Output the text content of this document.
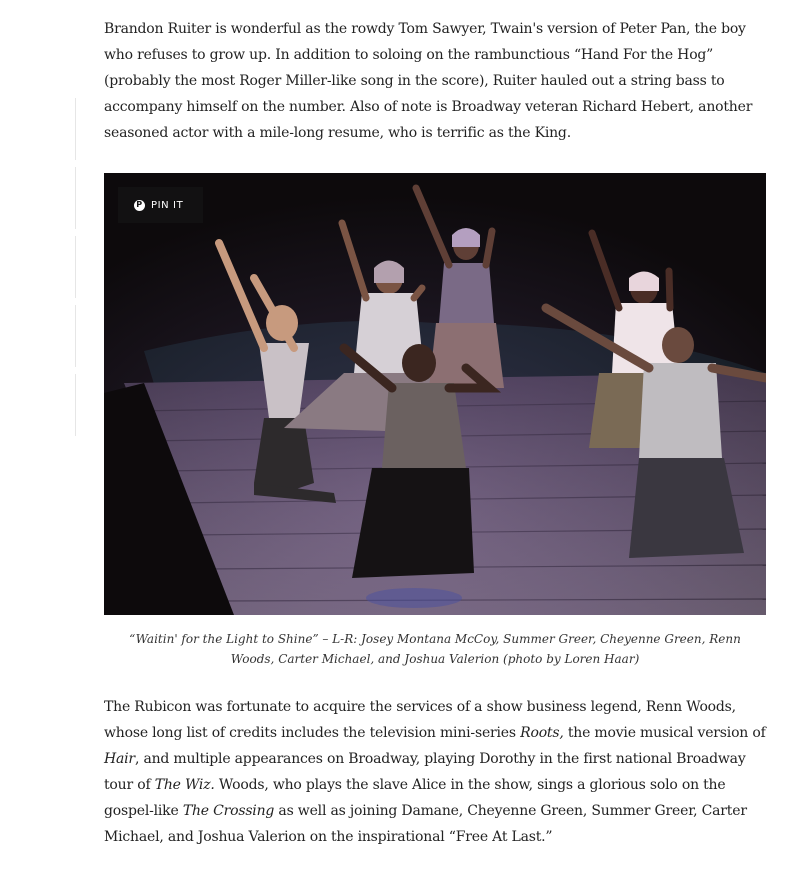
Brandon Ruiter is wonderful as the rowdy Tom Sawyer, Twain's version of Peter Pan, the boy who refuses to grow up. In addition to soloing on the rambunctious “Hand For the Hog” (probably the most Roger Miller-like song in the score), Ruiter hauled out a string bass to accompany himself on the number. Also of note is Broadway veteran Richard Hebert, another seasoned actor with a mile-long resume, who is terrific as the King.

P PIN IT

“Waitin' for the Light to Shine” – L-R: Josey Montana McCoy, Summer Greer, Cheyenne Green, Renn Woods, Carter Michael, and Joshua Valerion (photo by Loren Haar)

The Rubicon was fortunate to acquire the services of a show business legend, Renn Woods, whose long list of credits includes the television mini-series Roots, the movie musical version of Hair, and multiple appearances on Broadway, playing Dorothy in the first national Broadway tour of The Wiz. Woods, who plays the slave Alice in the show, sings a glorious solo on the gospel-like The Crossing as well as joining Damane, Cheyenne Green, Summer Greer, Carter Michael, and Joshua Valerion on the inspirational “Free At Last.”
